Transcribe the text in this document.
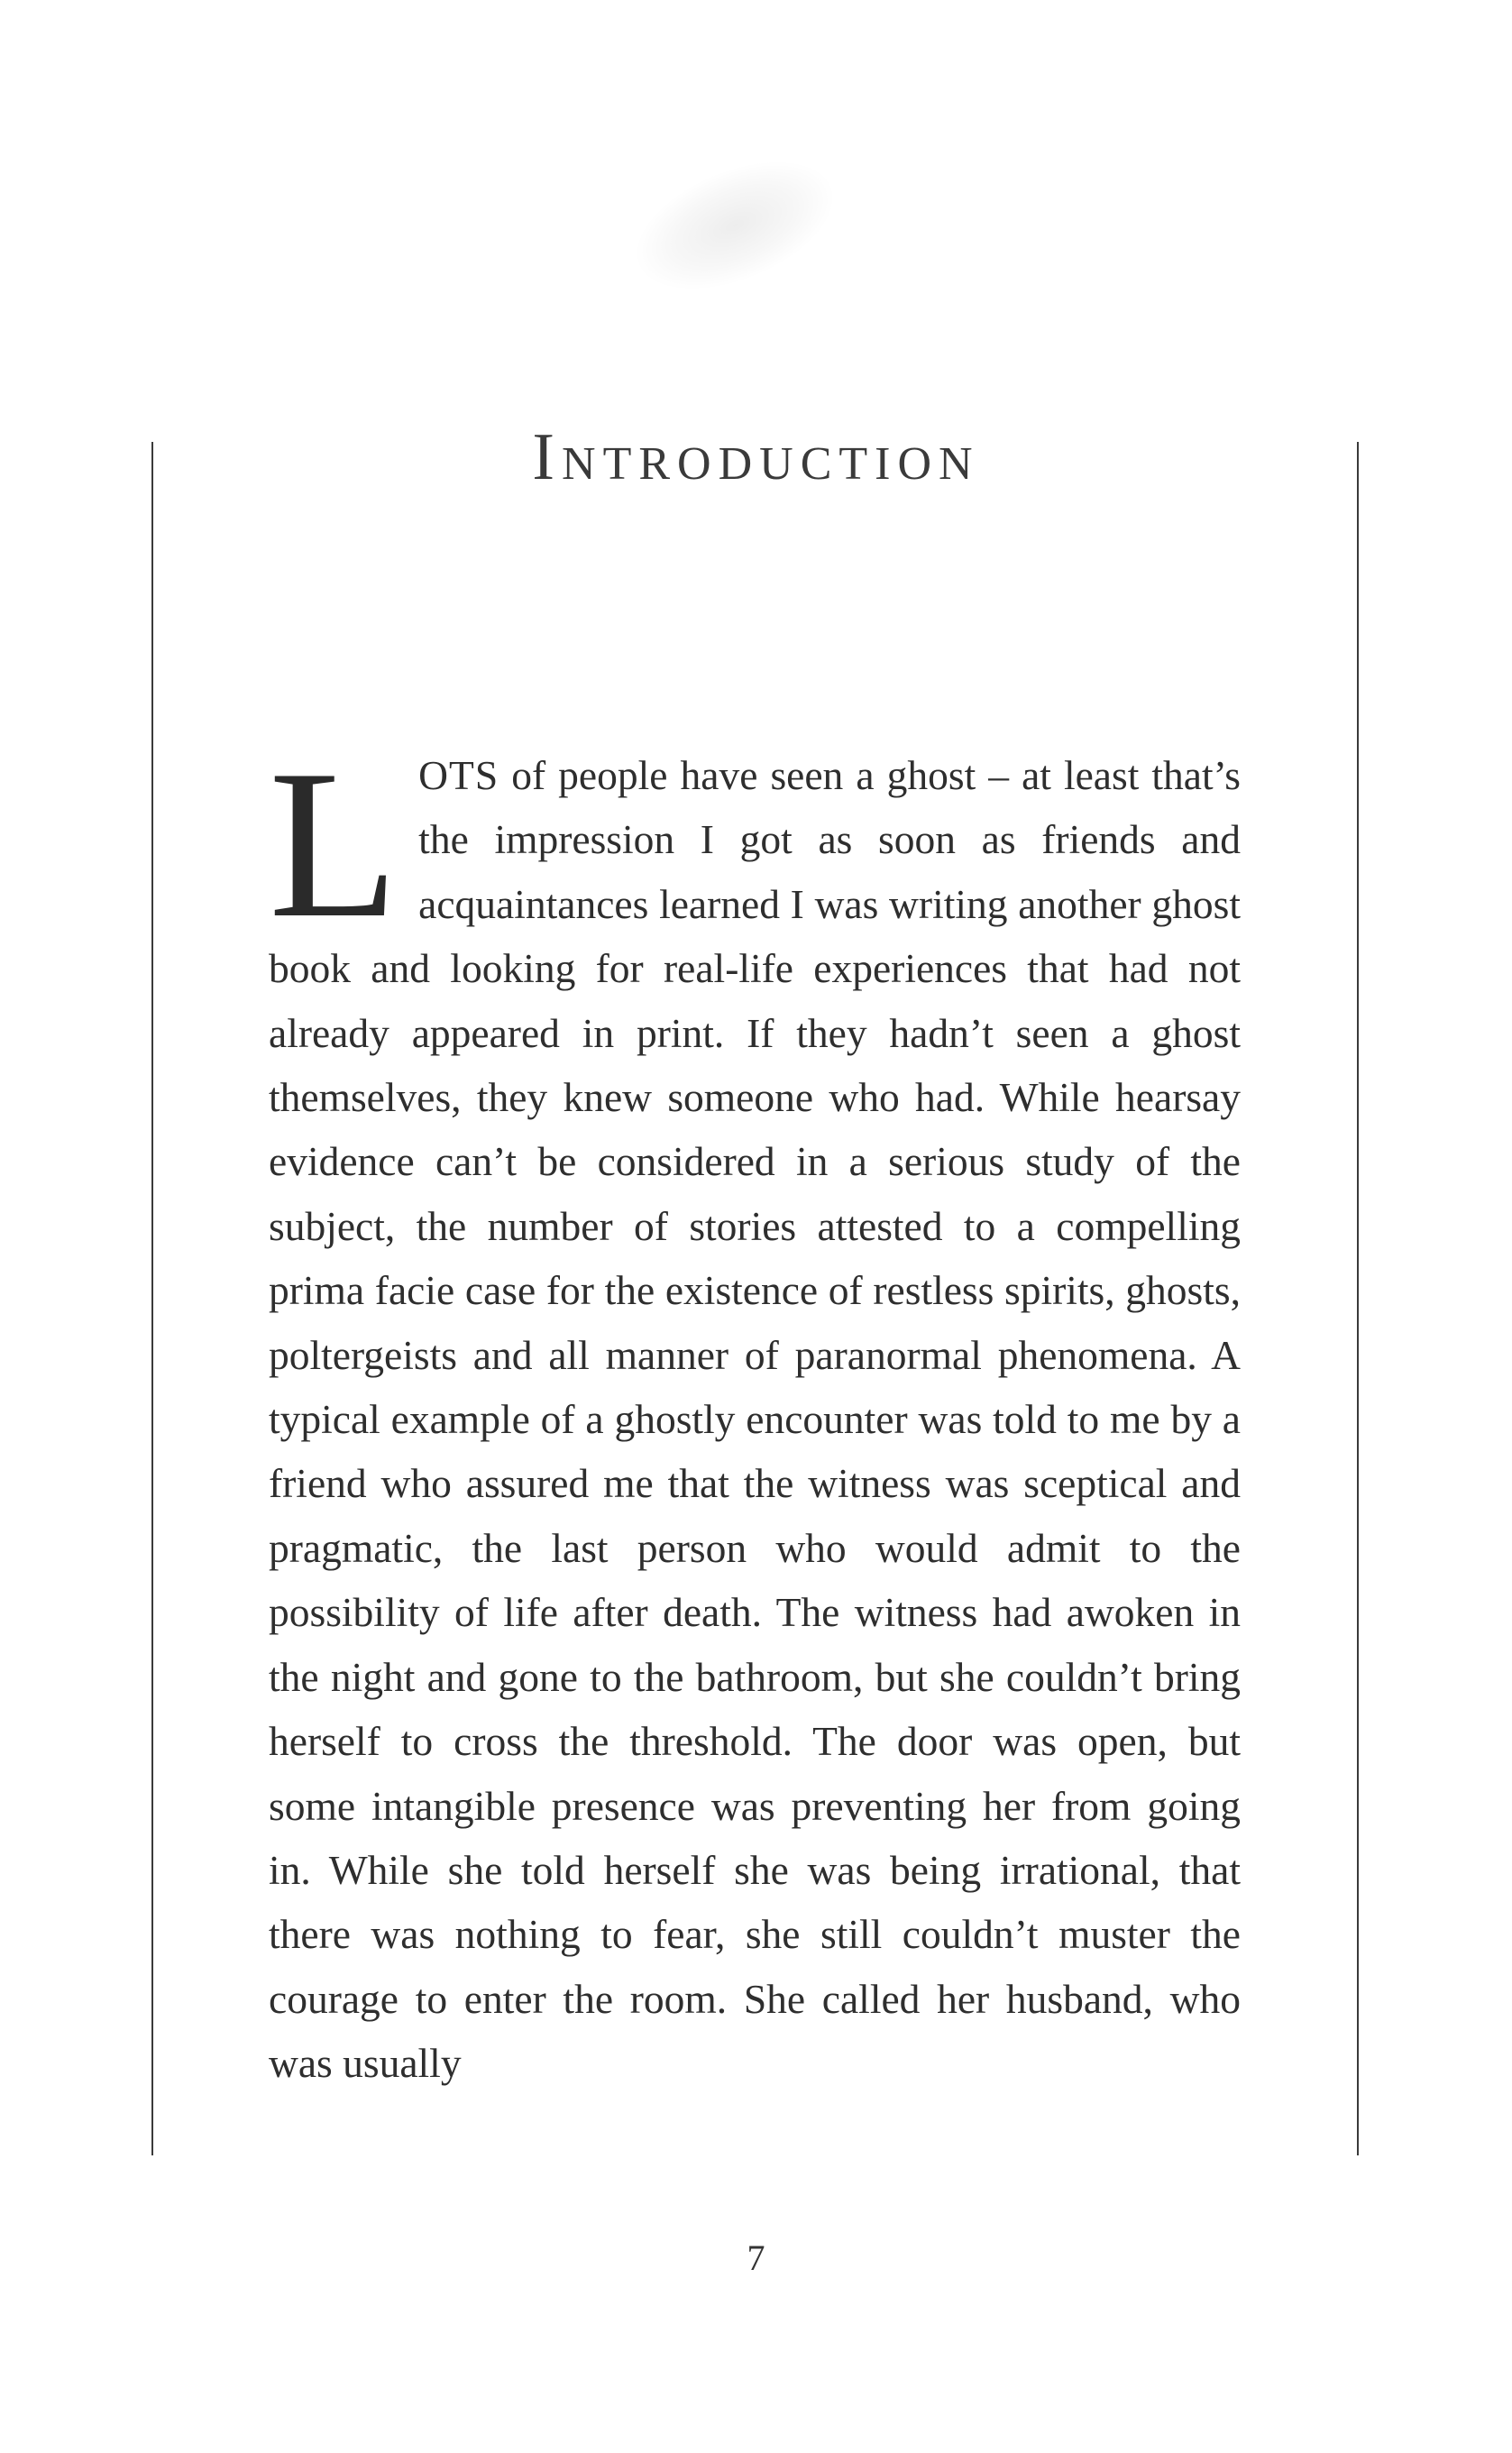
Introduction
LOTS of people have seen a ghost – at least that’s the impression I got as soon as friends and acquaintances learned I was writing another ghost book and looking for real-life experiences that had not already appeared in print. If they hadn’t seen a ghost themselves, they knew someone who had. While hearsay evidence can’t be considered in a serious study of the subject, the number of stories attested to a compelling prima facie case for the existence of restless spirits, ghosts, poltergeists and all manner of paranormal phenomena. A typical example of a ghostly encounter was told to me by a friend who assured me that the witness was sceptical and pragmatic, the last person who would admit to the possibility of life after death. The witness had awoken in the night and gone to the bathroom, but she couldn’t bring herself to cross the threshold. The door was open, but some intangible presence was preventing her from going in. While she told herself she was being irrational, that there was nothing to fear, she still couldn’t muster the courage to enter the room. She called her husband, who was usually
7
